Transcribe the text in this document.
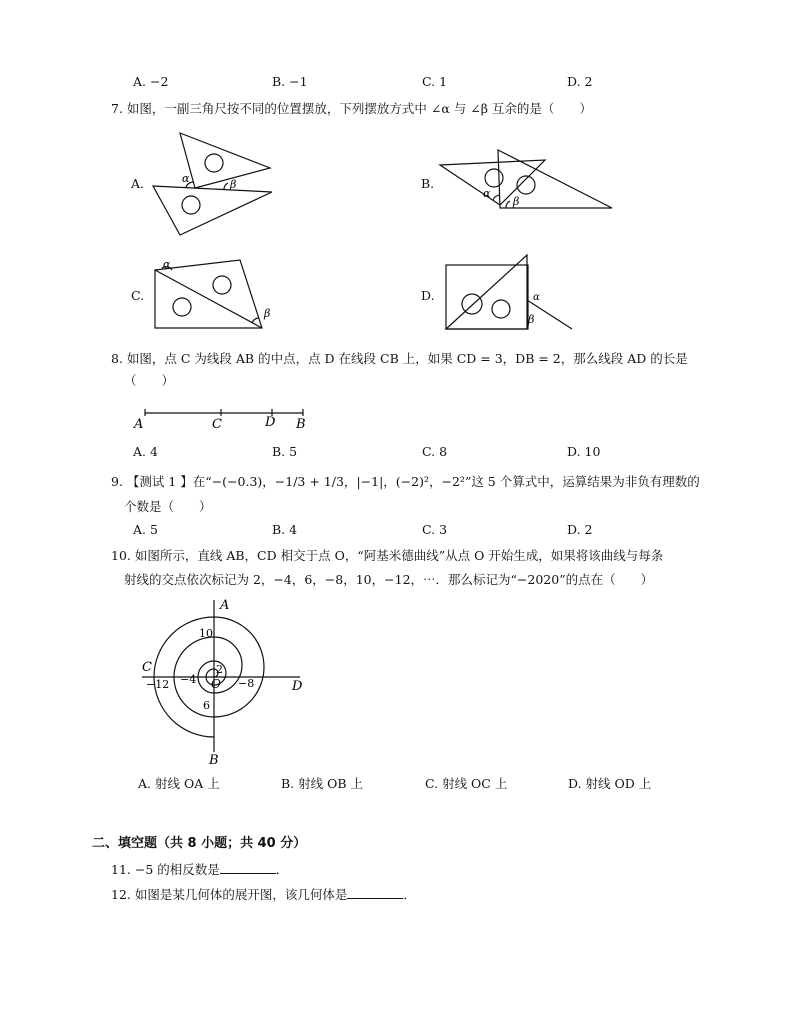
A. −2	B. −1	C. 1	D. 2
7. 如图，一副三角尺按不同的位置摆放，下列摆放方式中 ∠α 与 ∠β 互余的是（　　）
A.	α	β	B.
α
β
C.
α
β
D.	α
β
8. 如图，点 C 为线段 AB 的中点，点 D 在线段 CB 上，如果 CD = 3，DB = 2，那么线段 AD 的长是
（　　）
A	C	D B
A. 4	B. 5	C. 8	D. 10
9. 【测试 1 】在“−(−0.3)，−1/3 + 1/3，|−1|，(−2)²，−2²”这 5 个算式中，运算结果为非负有理数的
个数是（　　）
A. 5	B. 4	C. 3	D. 2
10. 如图所示，直线 AB，CD 相交于点 O，“阿基米德曲线”从点 O 开始生成，如果将该曲线与每条
射线的交点依次标记为 2，−4，6，−8，10，−12，⋯．那么标记为“−2020”的点在（　　）
A
B
C
D
O
10
2
−12 −4	−8
6
A. 射线 OA 上	B. 射线 OB 上	C. 射线 OC 上	D. 射线 OD 上
二、填空题（共 8 小题；共 40 分）
11. −5 的相反数是	．
12. 如图是某几何体的展开图，该几何体是	．
